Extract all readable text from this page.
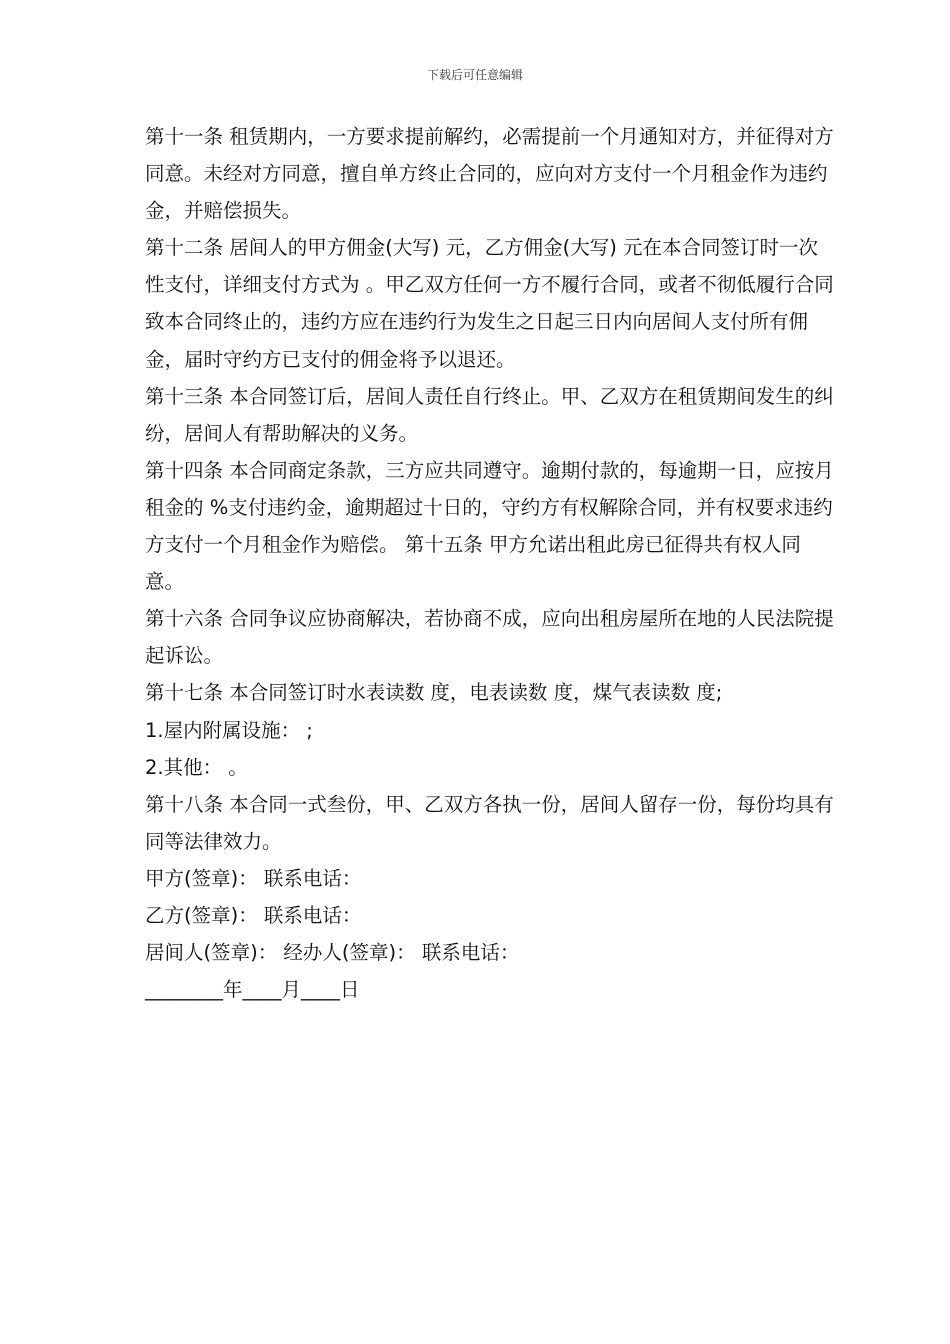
下载后可任意编辑

第十一条 租赁期内，一方要求提前解约，必需提前一个月通知对方，并征得对方同意。未经对方同意，擅自单方终止合同的，应向对方支付一个月租金作为违约金，并赔偿损失。

第十二条 居间人的甲方佣金(大写) 元，乙方佣金(大写) 元在本合同签订时一次性支付，详细支付方式为 。甲乙双方任何一方不履行合同，或者不彻低履行合同致本合同终止的，违约方应在违约行为发生之日起三日内向居间人支付所有佣金，届时守约方已支付的佣金将予以退还。

第十三条 本合同签订后，居间人责任自行终止。甲、乙双方在租赁期间发生的纠纷，居间人有帮助解决的义务。

第十四条 本合同商定条款，三方应共同遵守。逾期付款的，每逾期一日，应按月租金的 %支付违约金，逾期超过十日的，守约方有权解除合同，并有权要求违约方支付一个月租金作为赔偿。 第十五条 甲方允诺出租此房已征得共有权人同意。

第十六条 合同争议应协商解决，若协商不成，应向出租房屋所在地的人民法院提起诉讼。

第十七条 本合同签订时水表读数 度，电表读数 度，煤气表读数 度;

1.屋内附属设施： ;

2.其他： 。

第十八条 本合同一式叁份，甲、乙双方各执一份，居间人留存一份，每份均具有同等法律效力。

甲方(签章)： 联系电话：

乙方(签章)： 联系电话：

居间人(签章)： 经办人(签章)： 联系电话：

________年____月____日
